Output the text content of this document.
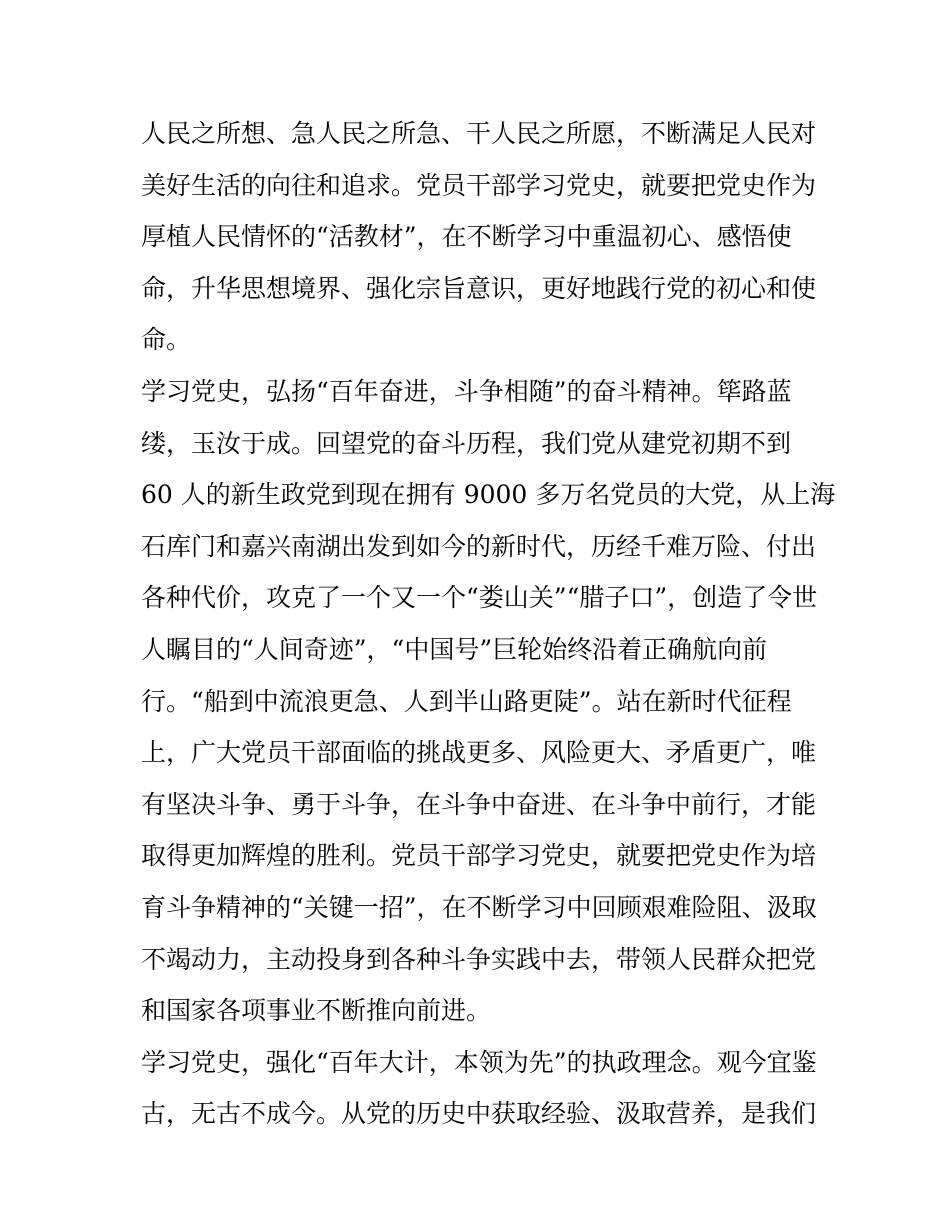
人民之所想、急人民之所急、干人民之所愿，不断满足人民对
美好生活的向往和追求。党员干部学习党史，就要把党史作为
厚植人民情怀的“活教材”，在不断学习中重温初心、感悟使
命，升华思想境界、强化宗旨意识，更好地践行党的初心和使
命。
学习党史，弘扬“百年奋进，斗争相随”的奋斗精神。筚路蓝
缕，玉汝于成。回望党的奋斗历程，我们党从建党初期不到
60 人的新生政党到现在拥有 9000 多万名党员的大党，从上海
石库门和嘉兴南湖出发到如今的新时代，历经千难万险、付出
各种代价，攻克了一个又一个“娄山关”“腊子口”，创造了令世
人瞩目的“人间奇迹”，“中国号”巨轮始终沿着正确航向前
行。“船到中流浪更急、人到半山路更陡”。站在新时代征程
上，广大党员干部面临的挑战更多、风险更大、矛盾更广，唯
有坚决斗争、勇于斗争，在斗争中奋进、在斗争中前行，才能
取得更加辉煌的胜利。党员干部学习党史，就要把党史作为培
育斗争精神的“关键一招”，在不断学习中回顾艰难险阻、汲取
不竭动力，主动投身到各种斗争实践中去，带领人民群众把党
和国家各项事业不断推向前进。
学习党史，强化“百年大计，本领为先”的执政理念。观今宜鉴
古，无古不成今。从党的历史中获取经验、汲取营养，是我们
